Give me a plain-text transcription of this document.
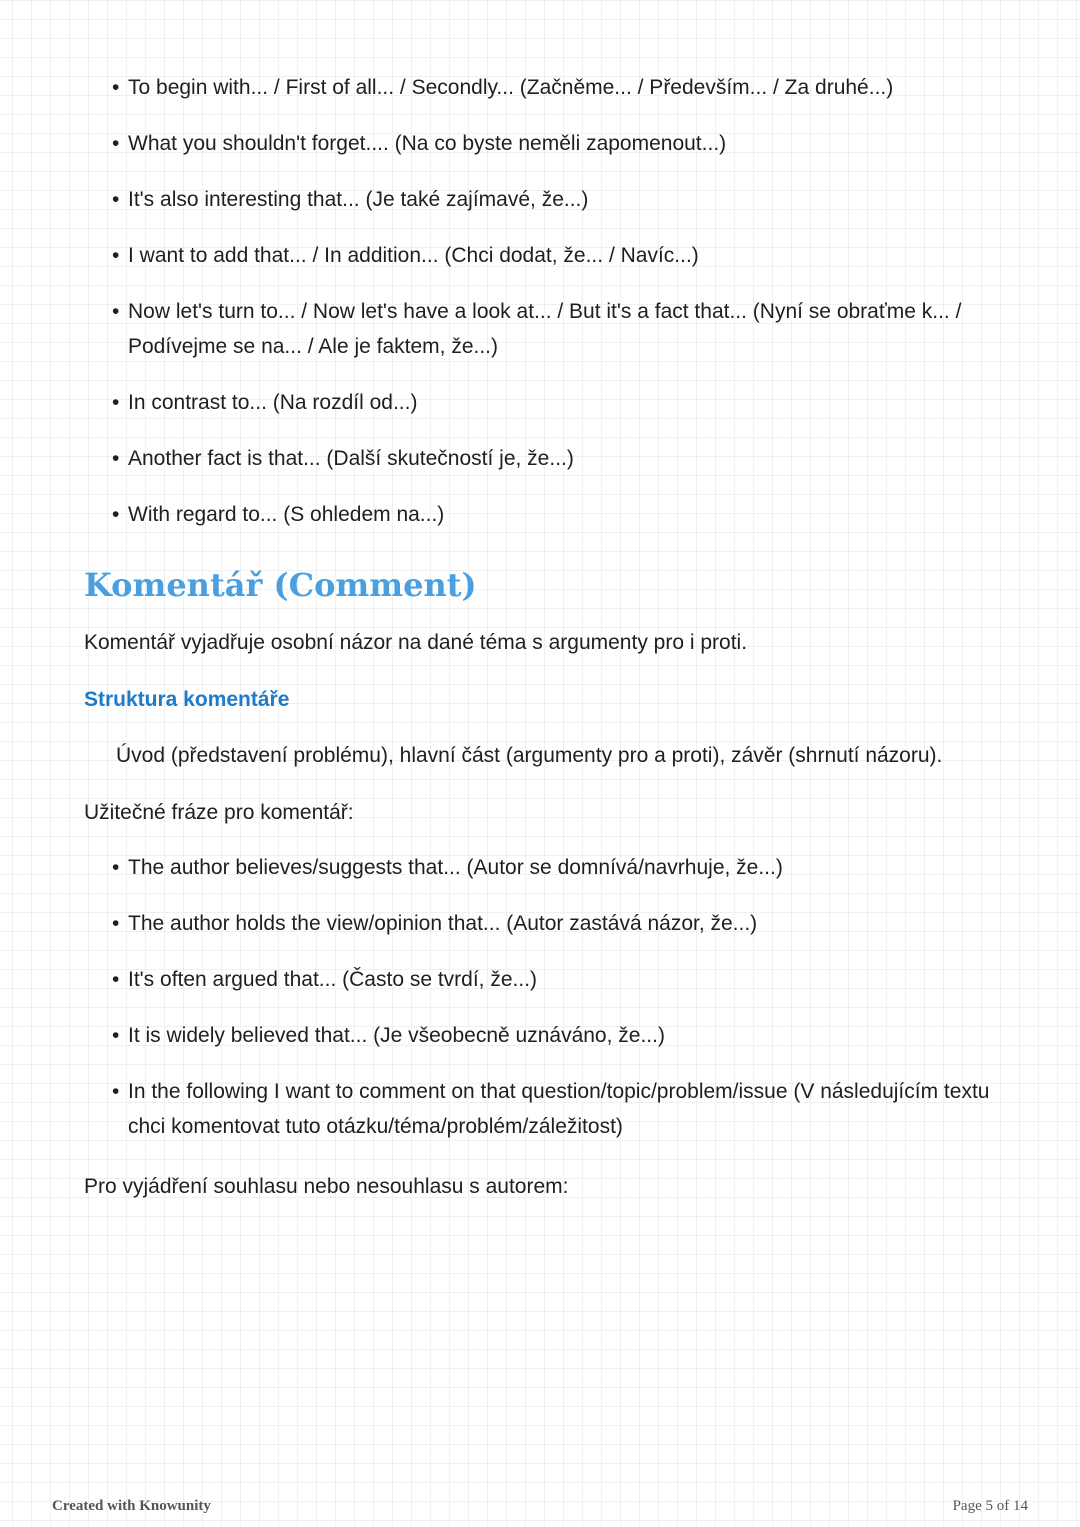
• To begin with... / First of all... / Secondly... (Začněme... / Především... / Za druhé...)
• What you shouldn't forget.... (Na co byste neměli zapomenout...)
• It's also interesting that... (Je také zajímavé, že...)
• I want to add that... / In addition... (Chci dodat, že... / Navíc...)
• Now let's turn to... / Now let's have a look at... / But it's a fact that... (Nyní se obraťme k... / Podívejme se na... / Ale je faktem, že...)
• In contrast to... (Na rozdíl od...)
• Another fact is that... (Další skutečností je, že...)
• With regard to... (S ohledem na...)
Komentář (Comment)

Komentář vyjadřuje osobní názor na dané téma s argumenty pro i proti.

Struktura komentáře

Úvod (představení problému), hlavní část (argumenty pro a proti), závěr (shrnutí názoru).

Užitečné fráze pro komentář:

• The author believes/suggests that... (Autor se domnívá/navrhuje, že...)
• The author holds the view/opinion that... (Autor zastává názor, že...)
• It's often argued that... (Často se tvrdí, že...)
• It is widely believed that... (Je všeobecně uznáváno, že...)
• In the following I want to comment on that question/topic/problem/issue (V následujícím textu chci komentovat tuto otázku/téma/problém/záležitost)

Pro vyjádření souhlasu nebo nesouhlasu s autorem:

Created with Knowunity	Page 5 of 14
